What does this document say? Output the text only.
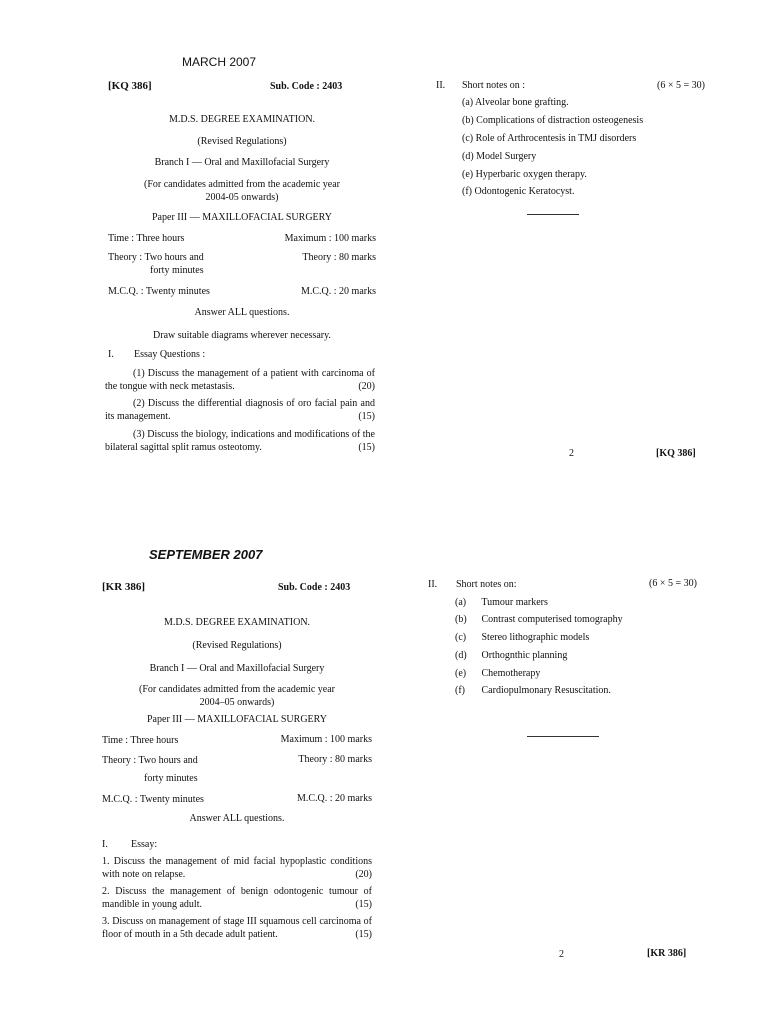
MARCH 2007
[KQ 386]	Sub. Code : 2403
M.D.S. DEGREE EXAMINATION.
(Revised Regulations)
Branch I — Oral and Maxillofacial Surgery
(For candidates admitted from the academic year
2004-05 onwards)
Paper III — MAXILLOFACIAL SURGERY
Time : Three hours	Maximum : 100 marks
Theory : Two hours and
forty minutes
Theory : 80 marks
M.C.Q. : Twenty minutes	M.C.Q. : 20 marks
Answer ALL questions.
Draw suitable diagrams wherever necessary.
I. Essay Questions :
(1) Discuss the management of a patient with carcinoma of the tongue with neck metastasis.	(20)
(2) Discuss the differential diagnosis of oro facial pain and its management.	(15)
(3) Discuss the biology, indications and modifications of the bilateral sagittal split ramus osteotomy.	(15)
II. Short notes on :	(6 × 5 = 30)
(a) Alveolar bone grafting.
(b) Complications of distraction osteogenesis
(c) Role of Arthrocentesis in TMJ disorders
(d) Model Surgery
(e) Hyperbaric oxygen therapy.
(f) Odontogenic Keratocyst.
2	[KQ 386]
SEPTEMBER 2007
[KR 386]	Sub. Code : 2403
M.D.S. DEGREE EXAMINATION.
(Revised Regulations)
Branch I — Oral and Maxillofacial Surgery
(For candidates admitted from the academic year
2004–05 onwards)
Paper III — MAXILLOFACIAL SURGERY
Time : Three hours	Maximum : 100 marks
Theory : Two hours and
forty minutes
Theory : 80 marks
M.C.Q. : Twenty minutes	M.C.Q. : 20 marks
Answer ALL questions.
I. Essay:
1. Discuss the management of mid facial hypoplastic conditions with note on relapse.	(20)
2. Discuss the management of benign odontogenic tumour of mandible in young adult.	(15)
3. Discuss on management of stage III squamous cell carcinoma of floor of mouth in a 5th decade adult patient.	(15)
II. Short notes on:	(6 × 5 = 30)
(a) Tumour markers
(b) Contrast computerised tomography
(c) Stereo lithographic models
(d) Orthognthic planning
(e) Chemotherapy
(f) Cardiopulmonary Resuscitation.
2	[KR 386]
